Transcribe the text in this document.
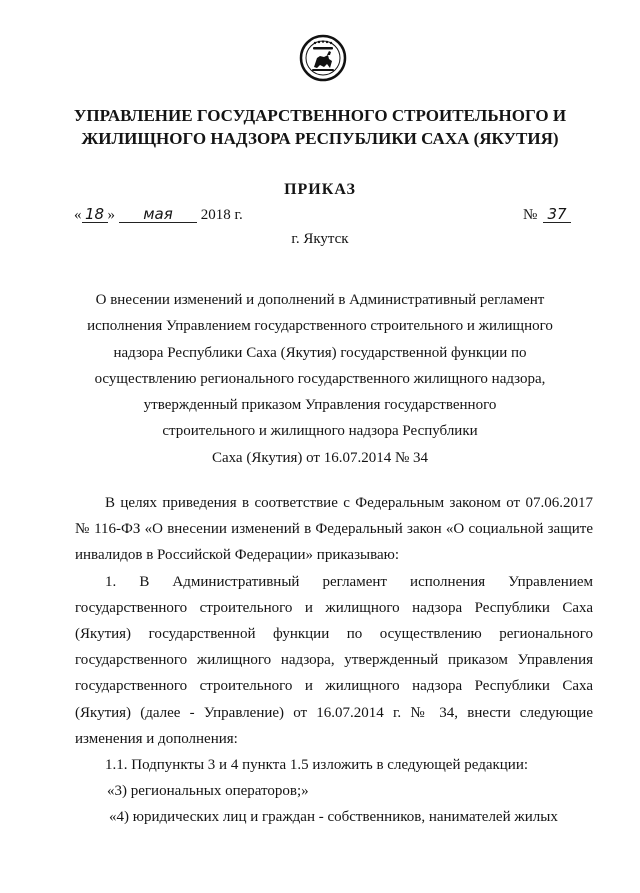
УПРАВЛЕНИЕ ГОСУДАРСТВЕННОГО СТРОИТЕЛЬНОГО И
ЖИЛИЩНОГО НАДЗОРА РЕСПУБЛИКИ САХА (ЯКУТИЯ)
ПРИКАЗ
« 18 » мая 2018 г.	№ 37
г. Якутск
О внесении изменений и дополнений в Административный регламент
исполнения Управлением государственного строительного и жилищного
надзора Республики Саха (Якутия) государственной функции по
осуществлению регионального государственного жилищного надзора,
утвержденный приказом Управления государственного
строительного и жилищного надзора Республики
Саха (Якутия) от 16.07.2014 № 34

В целях приведения в соответствие с Федеральным законом от 07.06.2017 № 116-ФЗ «О внесении изменений в Федеральный закон «О социальной защите инвалидов в Российской Федерации» приказываю:

1. В Административный регламент исполнения Управлением государственного строительного и жилищного надзора Республики Саха (Якутия) государственной функции по осуществлению регионального государственного жилищного надзора, утвержденный приказом Управления государственного строительного и жилищного надзора Республики Саха (Якутия) (далее - Управление) от 16.07.2014 г. № 34, внести следующие изменения и дополнения:

1.1. Подпункты 3 и 4 пункта 1.5 изложить в следующей редакции:

«3) региональных операторов;»

«4) юридических лиц и граждан - собственников, нанимателей жилых
